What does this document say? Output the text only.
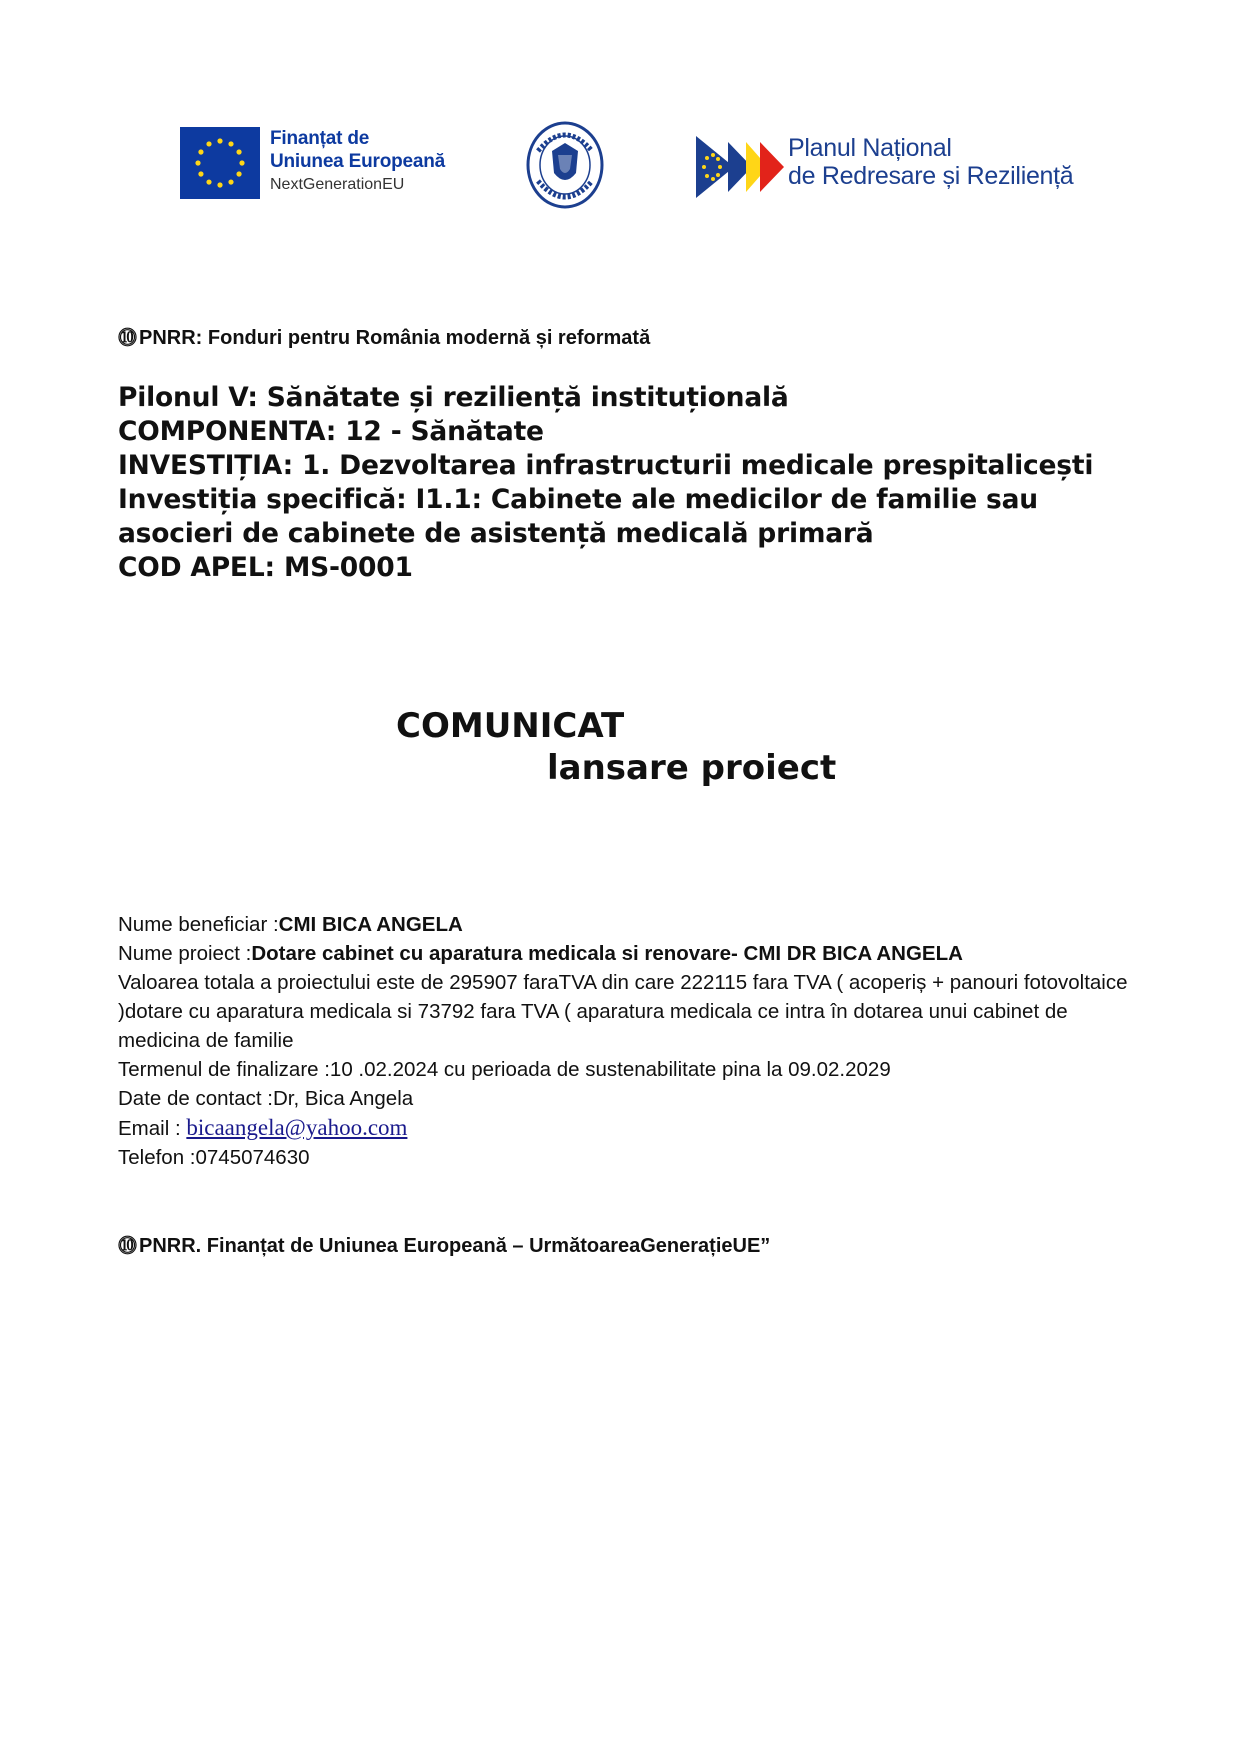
Finanțat de
Uniunea Europeană
NextGenerationEU
Planul Național
de Redresare și Reziliență
⓾ PNRR: Fonduri pentru România modernă și reformată
Pilonul V: Sănătate și reziliență instituțională
COMPONENTA: 12 - Sănătate
INVESTIȚIA: 1. Dezvoltarea infrastructurii medicale prespitalicești
Investiția specifică: I1.1: Cabinete ale medicilor de familie sau
asocieri de cabinete de asistență medicală primară
COD APEL: MS-0001
COMUNICAT
lansare proiect
Nume beneficiar :CMI BICA ANGELA
Nume proiect :Dotare cabinet cu aparatura medicala si renovare- CMI DR BICA ANGELA
Valoarea totala a proiectului este de 295907 faraTVA din care 222115 fara TVA ( acoperiș + panouri fotovoltaice )dotare cu aparatura medicala si 73792 fara TVA ( aparatura medicala ce intra în dotarea unui cabinet de medicina de familie
Termenul de finalizare :10 .02.2024 cu perioada de sustenabilitate pina la 09.02.2029
Date de contact :Dr, Bica Angela
Email : bicaangela@yahoo.com
Telefon :0745074630
⓾ PNRR. Finanțat de Uniunea Europeană – UrmătoareaGenerațieUE”
